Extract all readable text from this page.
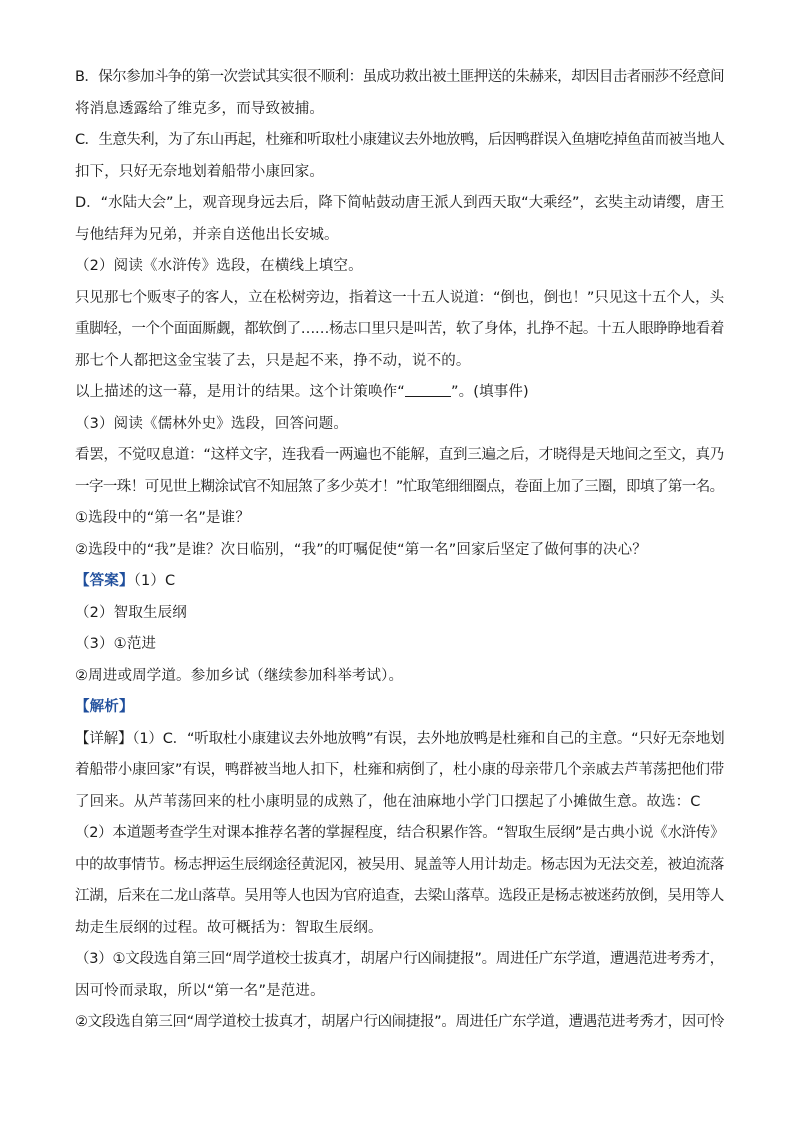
B．保尔参加斗争的第一次尝试其实很不顺利：虽成功救出被土匪押送的朱赫来，却因目击者丽莎不经意间
将消息透露给了维克多，而导致被捕。
C．生意失利，为了东山再起，杜雍和听取杜小康建议去外地放鸭，后因鸭群误入鱼塘吃掉鱼苗而被当地人
扣下，只好无奈地划着船带小康回家。
D．“水陆大会”上，观音现身远去后，降下简帖鼓动唐王派人到西天取“大乘经”，玄奘主动请缨，唐王
与他结拜为兄弟，并亲自送他出长安城。
（2）阅读《水浒传》选段，在横线上填空。
只见那七个贩枣子的客人，立在松树旁边，指着这一十五人说道：“倒也，倒也！”只见这十五个人，头
重脚轻，一个个面面厮觑，都软倒了……杨志口里只是叫苦，软了身体，扎挣不起。十五人眼睁睁地看着
那七个人都把这金宝装了去，只是起不来，挣不动，说不的。
以上描述的这一幕，是用计的结果。这个计策唤作“	”。(填事件)
（3）阅读《儒林外史》选段，回答问题。
看罢，不觉叹息道：“这样文字，连我看一两遍也不能解，直到三遍之后，才晓得是天地间之至文，真乃
一字一珠！可见世上糊涂试官不知屈煞了多少英才！”忙取笔细细圈点，卷面上加了三圈，即填了第一名。
①选段中的“第一名”是谁？
②选段中的“我”是谁？次日临别，“我”的叮嘱促使“第一名”回家后坚定了做何事的决心？
【答案】（1）C
（2）智取生辰纲
（3）①范进
②周进或周学道。参加乡试（继续参加科举考试）。
【解析】
【详解】（1）C．“听取杜小康建议去外地放鸭”有误，去外地放鸭是杜雍和自己的主意。“只好无奈地划
着船带小康回家”有误，鸭群被当地人扣下，杜雍和病倒了，杜小康的母亲带几个亲戚去芦苇荡把他们带
了回来。从芦苇荡回来的杜小康明显的成熟了，他在油麻地小学门口摆起了小摊做生意。故选：C
（2）本道题考查学生对课本推荐名著的掌握程度，结合积累作答。“智取生辰纲”是古典小说《水浒传》
中的故事情节。杨志押运生辰纲途径黄泥冈，被吴用、晁盖等人用计劫走。杨志因为无法交差，被迫流落
江湖，后来在二龙山落草。吴用等人也因为官府追查，去梁山落草。选段正是杨志被迷药放倒，吴用等人
劫走生辰纲的过程。故可概括为：智取生辰纲。
（3）①文段选自第三回“周学道校士拔真才，胡屠户行凶闹捷报”。周进任广东学道，遭遇范进考秀才，
因可怜而录取，所以“第一名”是范进。
②文段选自第三回“周学道校士拔真才，胡屠户行凶闹捷报”。周进任广东学道，遭遇范进考秀才，因可怜
